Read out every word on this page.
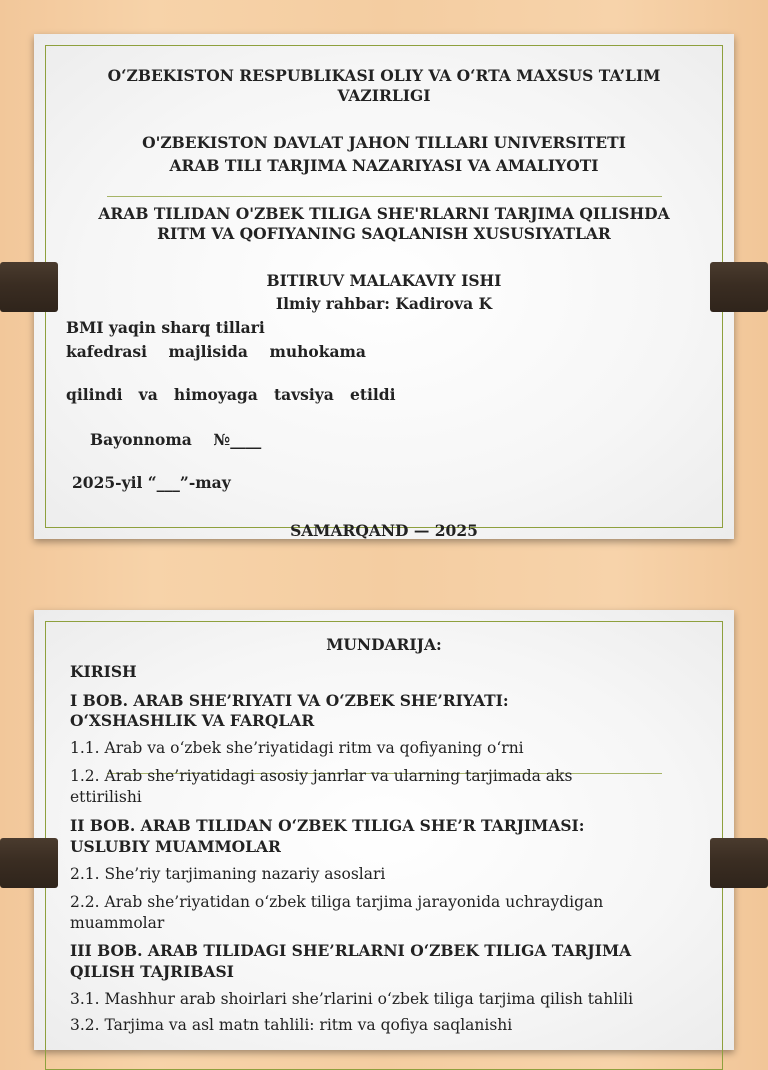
O‘ZBEKISTON RESPUBLIKASI OLIY VA O‘RTA MAXSUS TA’LIM
VAZIRLIGI
O'ZBEKISTON DAVLAT JAHON TILLARI UNIVERSITETI
ARAB TILI TARJIMA NAZARIYASI VA AMALIYOTI
ARAB TILIDAN O'ZBEK TILIGA SHE'RLARNI TARJIMA QILISHDA
RITM VA QOFIYANING SAQLANISH XUSUSIYATLAR
BITIRUV MALAKAVIY ISHI
Ilmiy rahbar: Kadirova K
BMI yaqin sharq tillari
kafedrasi    majlisida    muhokama
qilindi   va   himoyaga   tavsiya   etildi
Bayonnoma    №____
2025-yil “___”-may
SAMARQAND — 2025
MUNDARIJA:
KIRISH
I BOB. ARAB SHE’RIYATI VA O‘ZBEK SHE’RIYATI:
O‘XSHASHLIK VA FARQLAR
1.1. Arab va o‘zbek she’riyatidagi ritm va qofiyaning o‘rni
1.2. Arab she’riyatidagi asosiy janrlar va ularning tarjimada aks
ettirilishi
II BOB. ARAB TILIDAN O‘ZBEK TILIGA SHE’R TARJIMASI:
USLUBIY MUAMMOLAR
2.1. She’riy tarjimaning nazariy asoslari
2.2. Arab she’riyatidan o‘zbek tiliga tarjima jarayonida uchraydigan
muammolar
III BOB. ARAB TILIDAGI SHE’RLARNI O‘ZBEK TILIGA TARJIMA
QILISH TAJRIBASI
3.1. Mashhur arab shoirlari she’rlarini o‘zbek tiliga tarjima qilish tahlili
3.2. Tarjima va asl matn tahlili: ritm va qofiya saqlanishi
